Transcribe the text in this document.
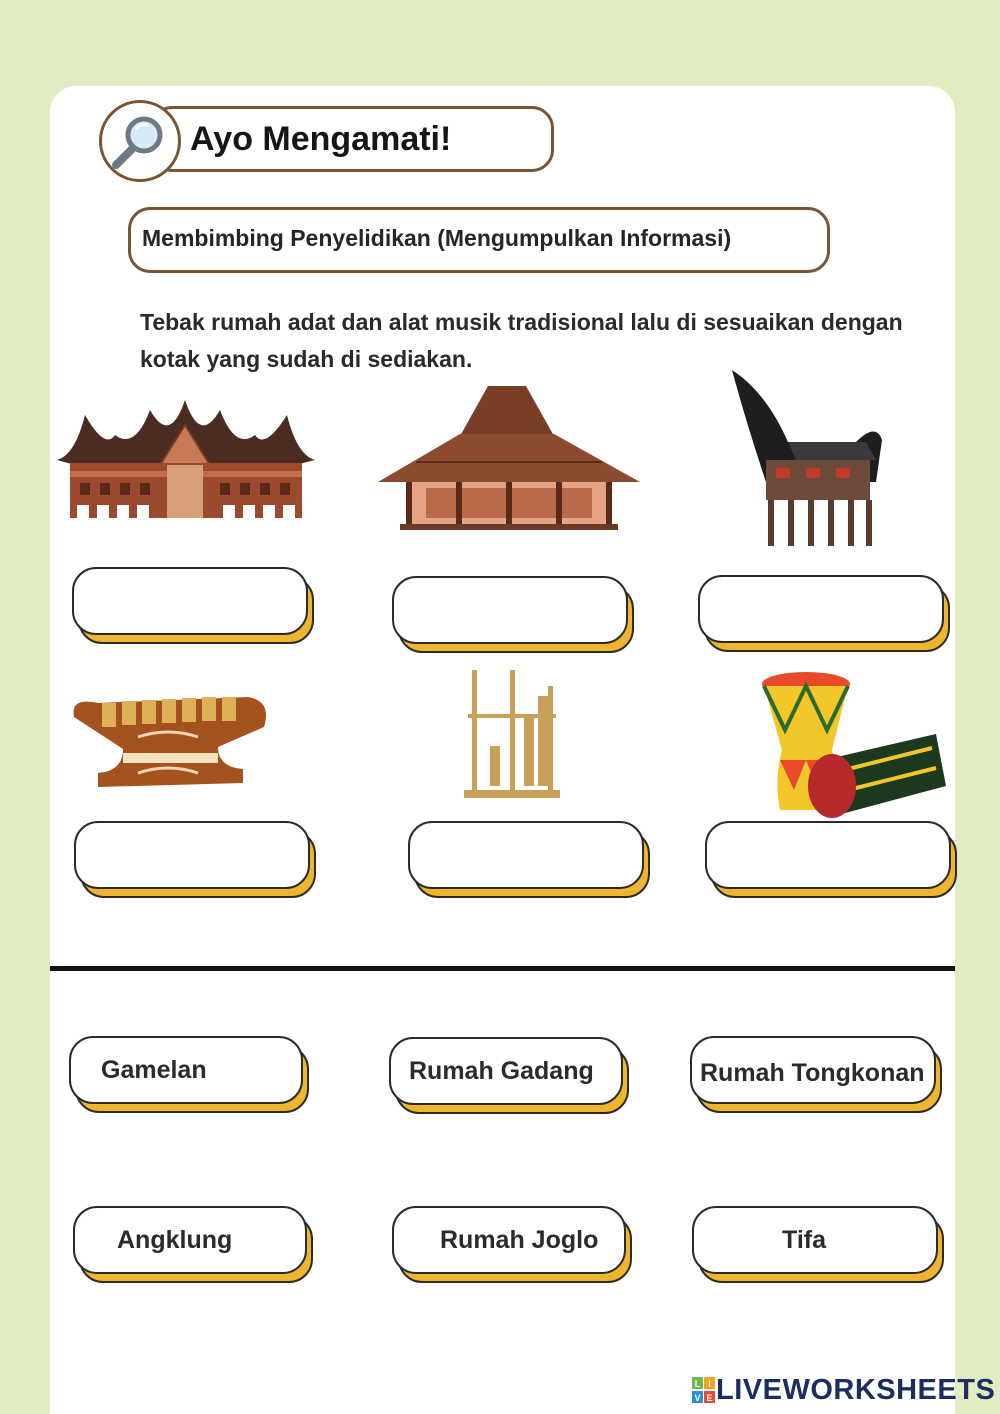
Ayo Mengamati!
Membimbing Penyelidikan (Mengumpulkan Informasi)
Tebak rumah adat dan alat musik tradisional lalu di sesuaikan dengan kotak yang sudah di sediakan.
Gamelan	Rumah Gadang	Rumah Tongkonan
Angklung	Rumah Joglo	Tifa
L I
V E LIVEWORKSHEETS
